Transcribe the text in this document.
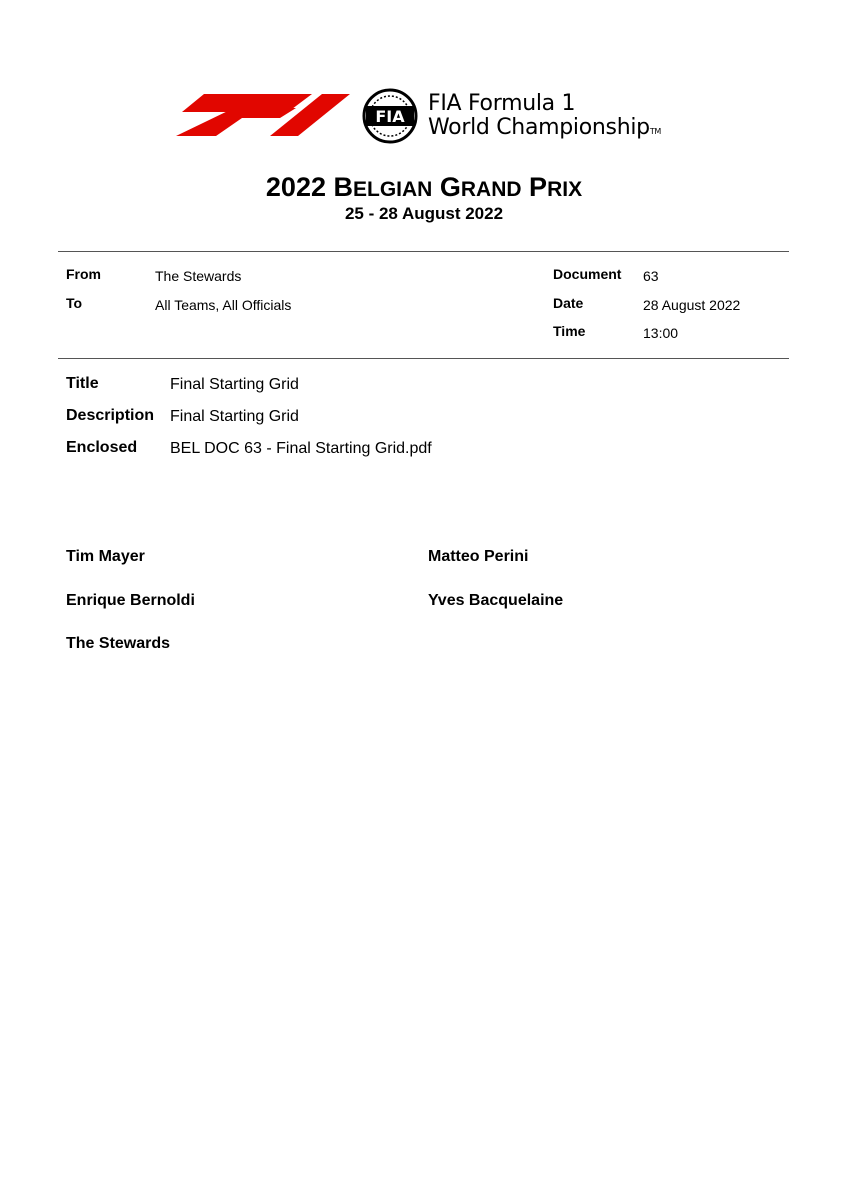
FIA
FIA Formula 1
World ChampionshipTM
2022 BELGIAN GRAND PRIX
25 - 28 August 2022
From	The Stewards
To	All Teams, All Officials
Document 63
Date	28 August 2022
Time	13:00
Title	Final Starting Grid
Description Final Starting Grid
Enclosed BEL DOC 63 - Final Starting Grid.pdf
Tim Mayer	Matteo Perini
Enrique Bernoldi	Yves Bacquelaine
The Stewards
